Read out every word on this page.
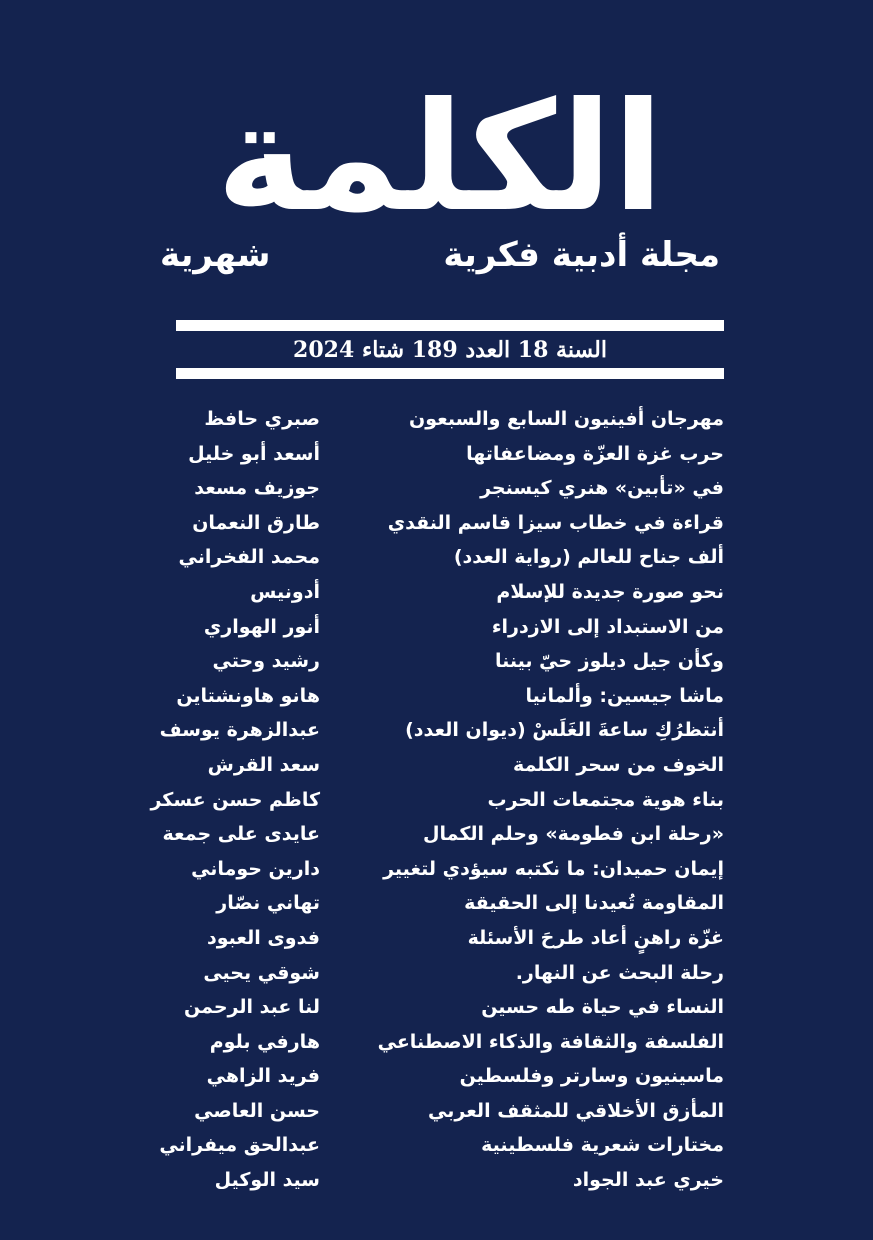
الكلمة
مجلة أدبية فكرية
شهرية
السنة 18 العدد 189 شتاء 2024
مهرجان أفينيون السابع والسبعون
صبري حافظ
حرب غزة العزّة ومضاعفاتها
أسعد أبو خليل
في «تأبين» هنري كيسنجر
جوزيف مسعد
قراءة في خطاب سيزا قاسم النقدي
طارق النعمان
ألف جناح للعالم (رواية العدد)
محمد الفخراني
نحو صورة جديدة للإسلام
أدونيس
من الاستبداد إلى الازدراء
أنور الهواري
وكأن جيل ديلوز حيّ بيننا
رشيد وحتي
ماشا جيسين: وألمانيا
هانو هاونشتاين
أنتظرُكِ ساعةَ الغَلَسْ (ديوان العدد)
عبدالزهرة يوسف
الخوف من سحر الكلمة
سعد القرش
بناء هوية مجتمعات الحرب
كاظم حسن عسكر
«رحلة ابن فطومة» وحلم الكمال
عايدى على جمعة
إيمان حميدان: ما نكتبه سيؤدي لتغيير
دارين حوماني
المقاومة تُعيدنا إلى الحقيقة
تهاني نصّار
غزّة راهنٍ أعاد طرحَ الأسئلة
فدوى العبود
رحلة البحث عن النهار.
شوقي يحيى
النساء في حياة طه حسين
لنا عبد الرحمن
الفلسفة والثقافة والذكاء الاصطناعي
هارفي بلوم
ماسينيون وسارتر وفلسطين
فريد الزاهي
المأزق الأخلاقي للمثقف العربي
حسن العاصي
مختارات شعرية فلسطينية
عبدالحق ميفراني
خيري عبد الجواد
سيد الوكيل
